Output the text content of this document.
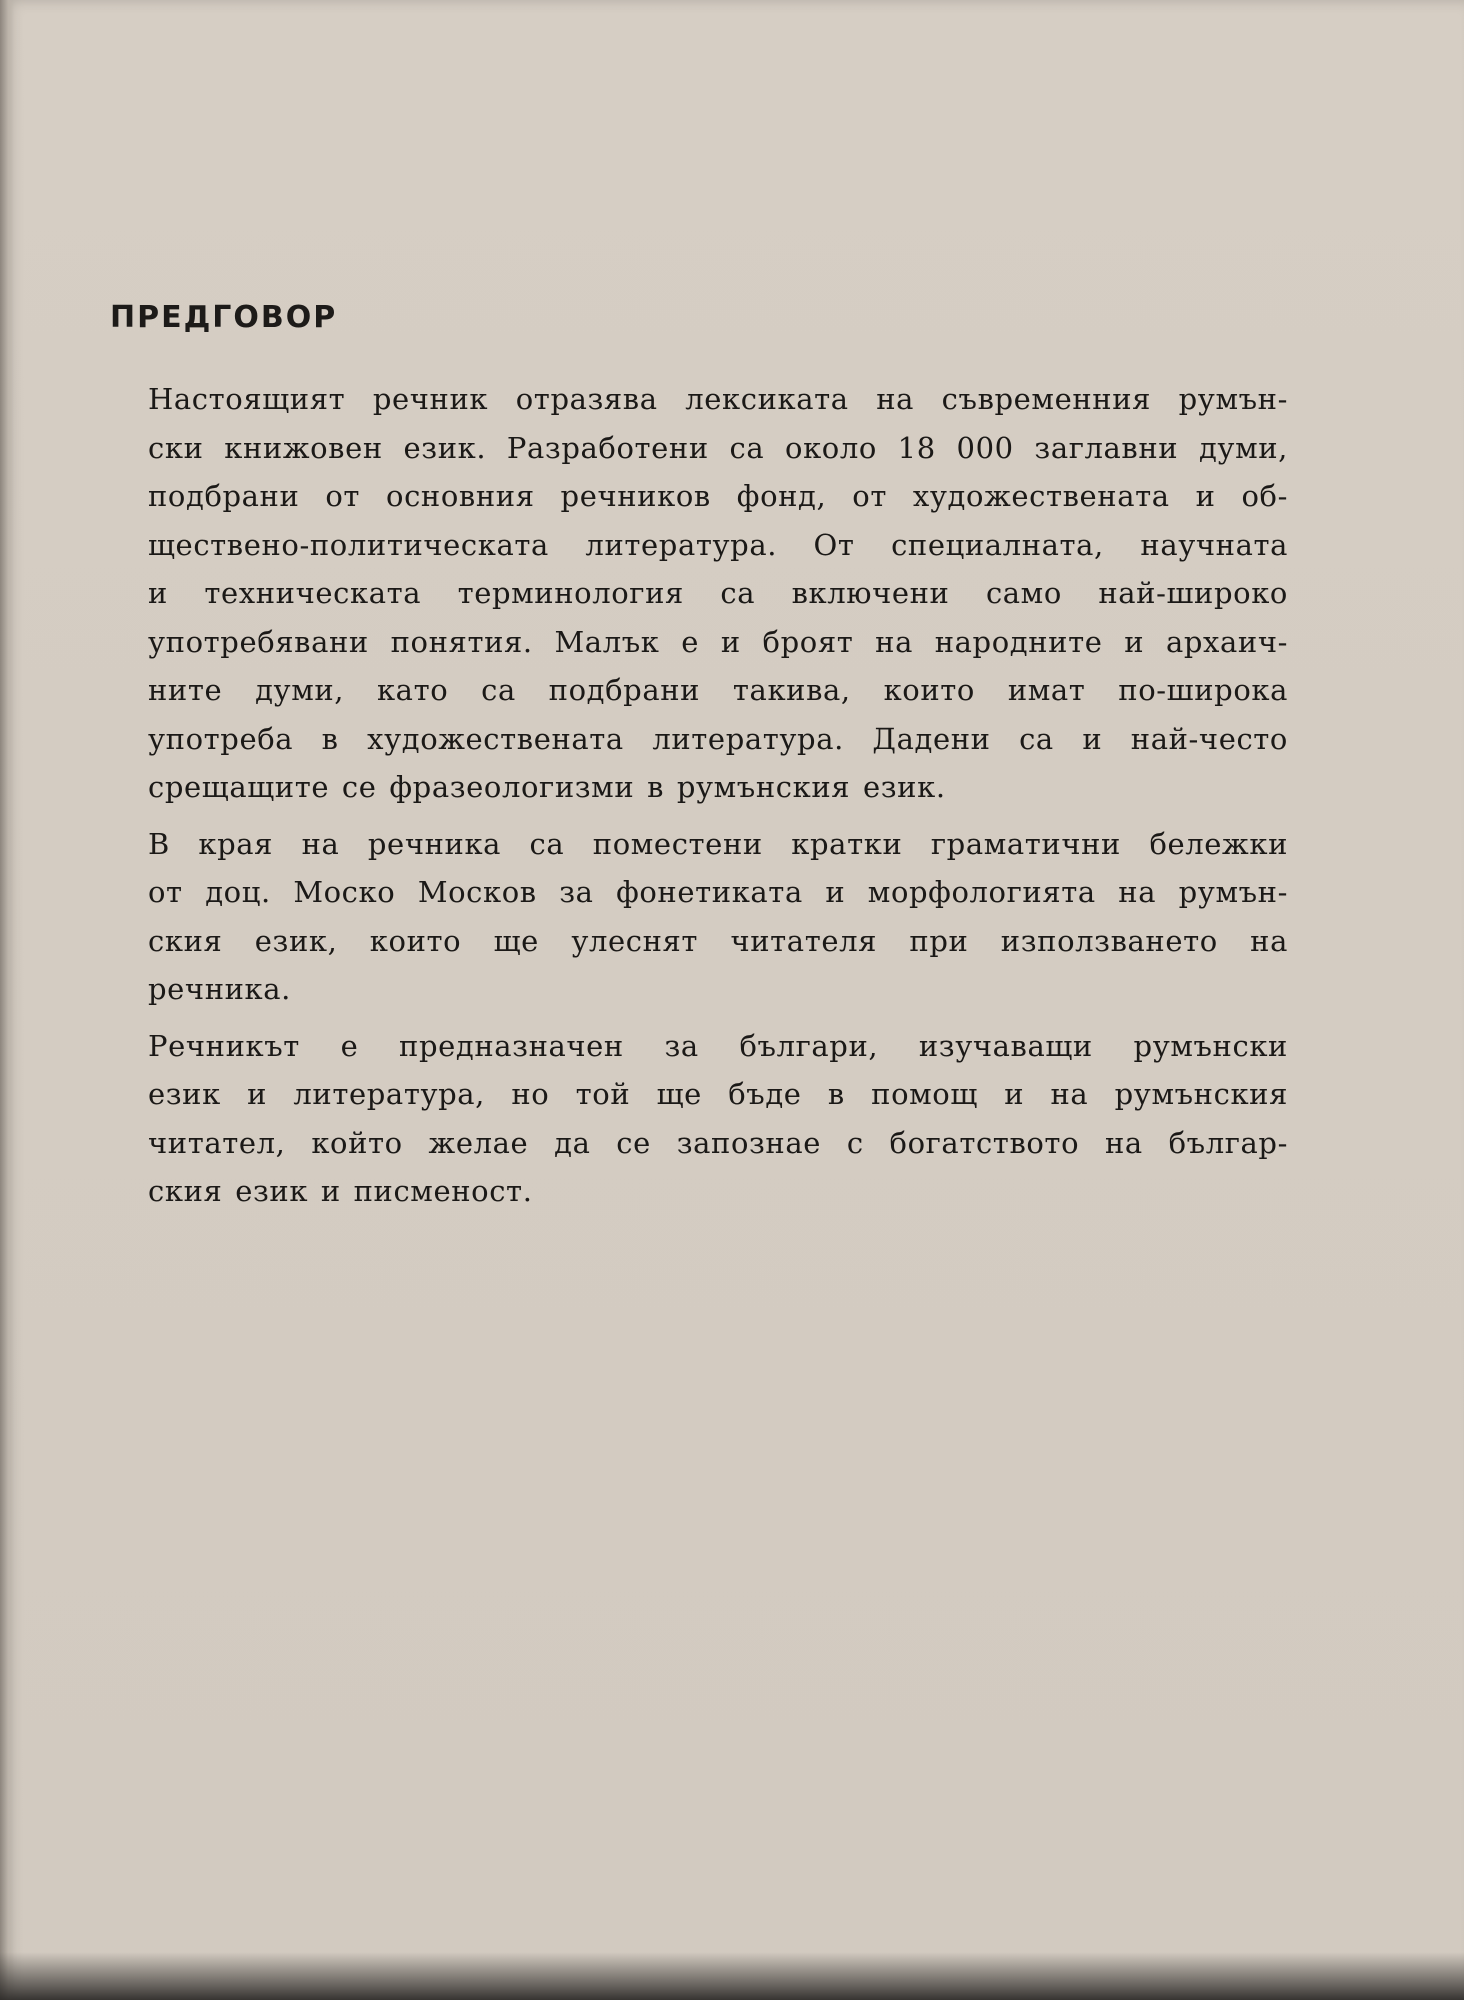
ПРЕДГОВОР
Настоящият речник отразява лексиката на съвременния румън-
ски книжовен език. Разработени са около 18 000 заглавни думи,
подбрани от основния речников фонд, от художествената и об-
ществено-политическата литература. От специалната, научната
и техническата терминология са включени само най-широко
употребявани понятия. Малък е и броят на народните и архаич-
ните думи, като са подбрани такива, които имат по-широка
употреба в художествената литература. Дадени са и най-често
срещащите се фразеологизми в румънския език.
В края на речника са поместени кратки граматични бележки
от доц. Моско Москов за фонетиката и морфологията на румън-
ския език, които ще улеснят читателя при използването на
речника.
Речникът е предназначен за българи, изучаващи румънски
език и литература, но той ще бъде в помощ и на румънския
читател, който желае да се запознае с богатството на българ-
ския език и писменост.
